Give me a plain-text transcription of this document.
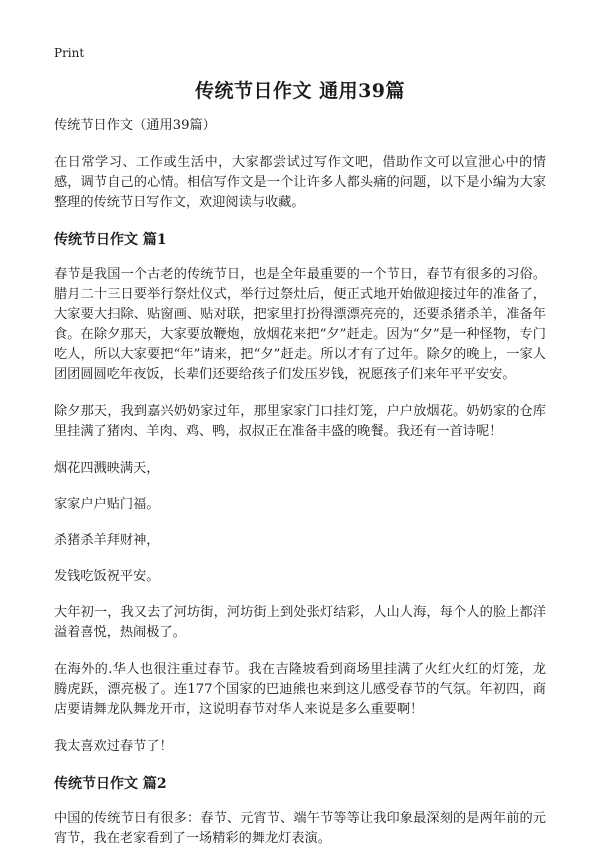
Print
传统节日作文 通用39篇

传统节日作文（通用39篇）

在日常学习、工作或生活中，大家都尝试过写作文吧，借助作文可以宣泄心中的情感，调节自己的心情。相信写作文是一个让许多人都头痛的问题，以下是小编为大家整理的传统节日写作文，欢迎阅读与收藏。

传统节日作文 篇1

春节是我国一个古老的传统节日，也是全年最重要的一个节日，春节有很多的习俗。腊月二十三日要举行祭灶仪式，举行过祭灶后，便正式地开始做迎接过年的准备了，大家要大扫除、贴窗画、贴对联，把家里打扮得漂漂亮亮的，还要杀猪杀羊，准备年食。在除夕那天，大家要放鞭炮，放烟花来把“夕”赶走。因为“夕”是一种怪物，专门吃人，所以大家要把“年”请来，把“夕”赶走。所以才有了过年。除夕的晚上，一家人团团圆圆吃年夜饭，长辈们还要给孩子们发压岁钱，祝愿孩子们来年平平安安。

除夕那天，我到嘉兴奶奶家过年，那里家家门口挂灯笼，户户放烟花。奶奶家的仓库里挂满了猪肉、羊肉、鸡、鸭，叔叔正在准备丰盛的晚餐。我还有一首诗呢！

烟花四溅映满天，
家家户户贴门福。
杀猪杀羊拜财神，
发钱吃饭祝平安。

大年初一，我又去了河坊街，河坊街上到处张灯结彩，人山人海，每个人的脸上都洋溢着喜悦，热闹极了。

在海外的.华人也很注重过春节。我在吉隆坡看到商场里挂满了火红火红的灯笼，龙腾虎跃，漂亮极了。连177个国家的巴迪熊也来到这儿感受春节的气氛。年初四，商店要请舞龙队舞龙开市，这说明春节对华人来说是多么重要啊！

我太喜欢过春节了！

传统节日作文 篇2

中国的传统节日有很多：春节、元宵节、端午节等等让我印象最深刻的是两年前的元宵节，我在老家看到了一场精彩的舞龙灯表演。
